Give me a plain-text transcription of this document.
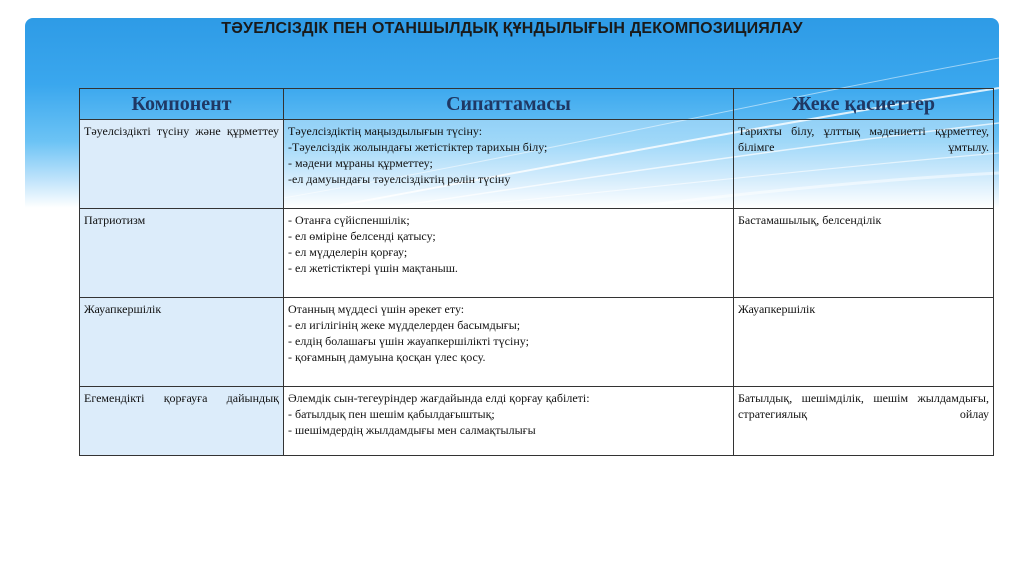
ТӘУЕЛСІЗДІК ПЕН ОТАНШЫЛДЫҚ ҚҰНДЫЛЫҒЫН ДЕКОМПОЗИЦИЯЛАУ
Компонент	Сипаттамасы	Жеке қасиеттер
Тәуелсіздікті түсіну және құрметтеу	Тәуелсіздіктің маңыздылығын түсіну:
-Тәуелсіздік жолындағы жетістіктер тарихын білу;
- мәдени мұраны құрметтеу;
-ел дамуындағы тәуелсіздіктің рөлін түсіну	Тарихты білу, ұлттық мәдениетті құрметтеу, білімге ұмтылу.
Патриотизм	- Отанға сүйіспеншілік;
- ел өміріне белсенді қатысу;
- ел мүдделерін қорғау;
- ел жетістіктері үшін мақтаныш.	Бастамашылық, белсенділік
Жауапкершілік	Отанның мүддесі үшін әрекет ету:
- ел игілігінің жеке мүдделерден басымдығы;
- елдің болашағы үшін жауапкершілікті түсіну;
- қоғамның дамуына қосқан үлес қосу.	Жауапкершілік
Егемендікті қорғауға дайындық	Әлемдік сын-тегеуріндер жағдайында елді қорғау қабілеті:
- батылдық пен шешім қабылдағыштық;
- шешімдердің жылдамдығы мен салмақтылығы	Батылдық, шешімділік, шешім жылдамдығы, стратегиялық ойлау
